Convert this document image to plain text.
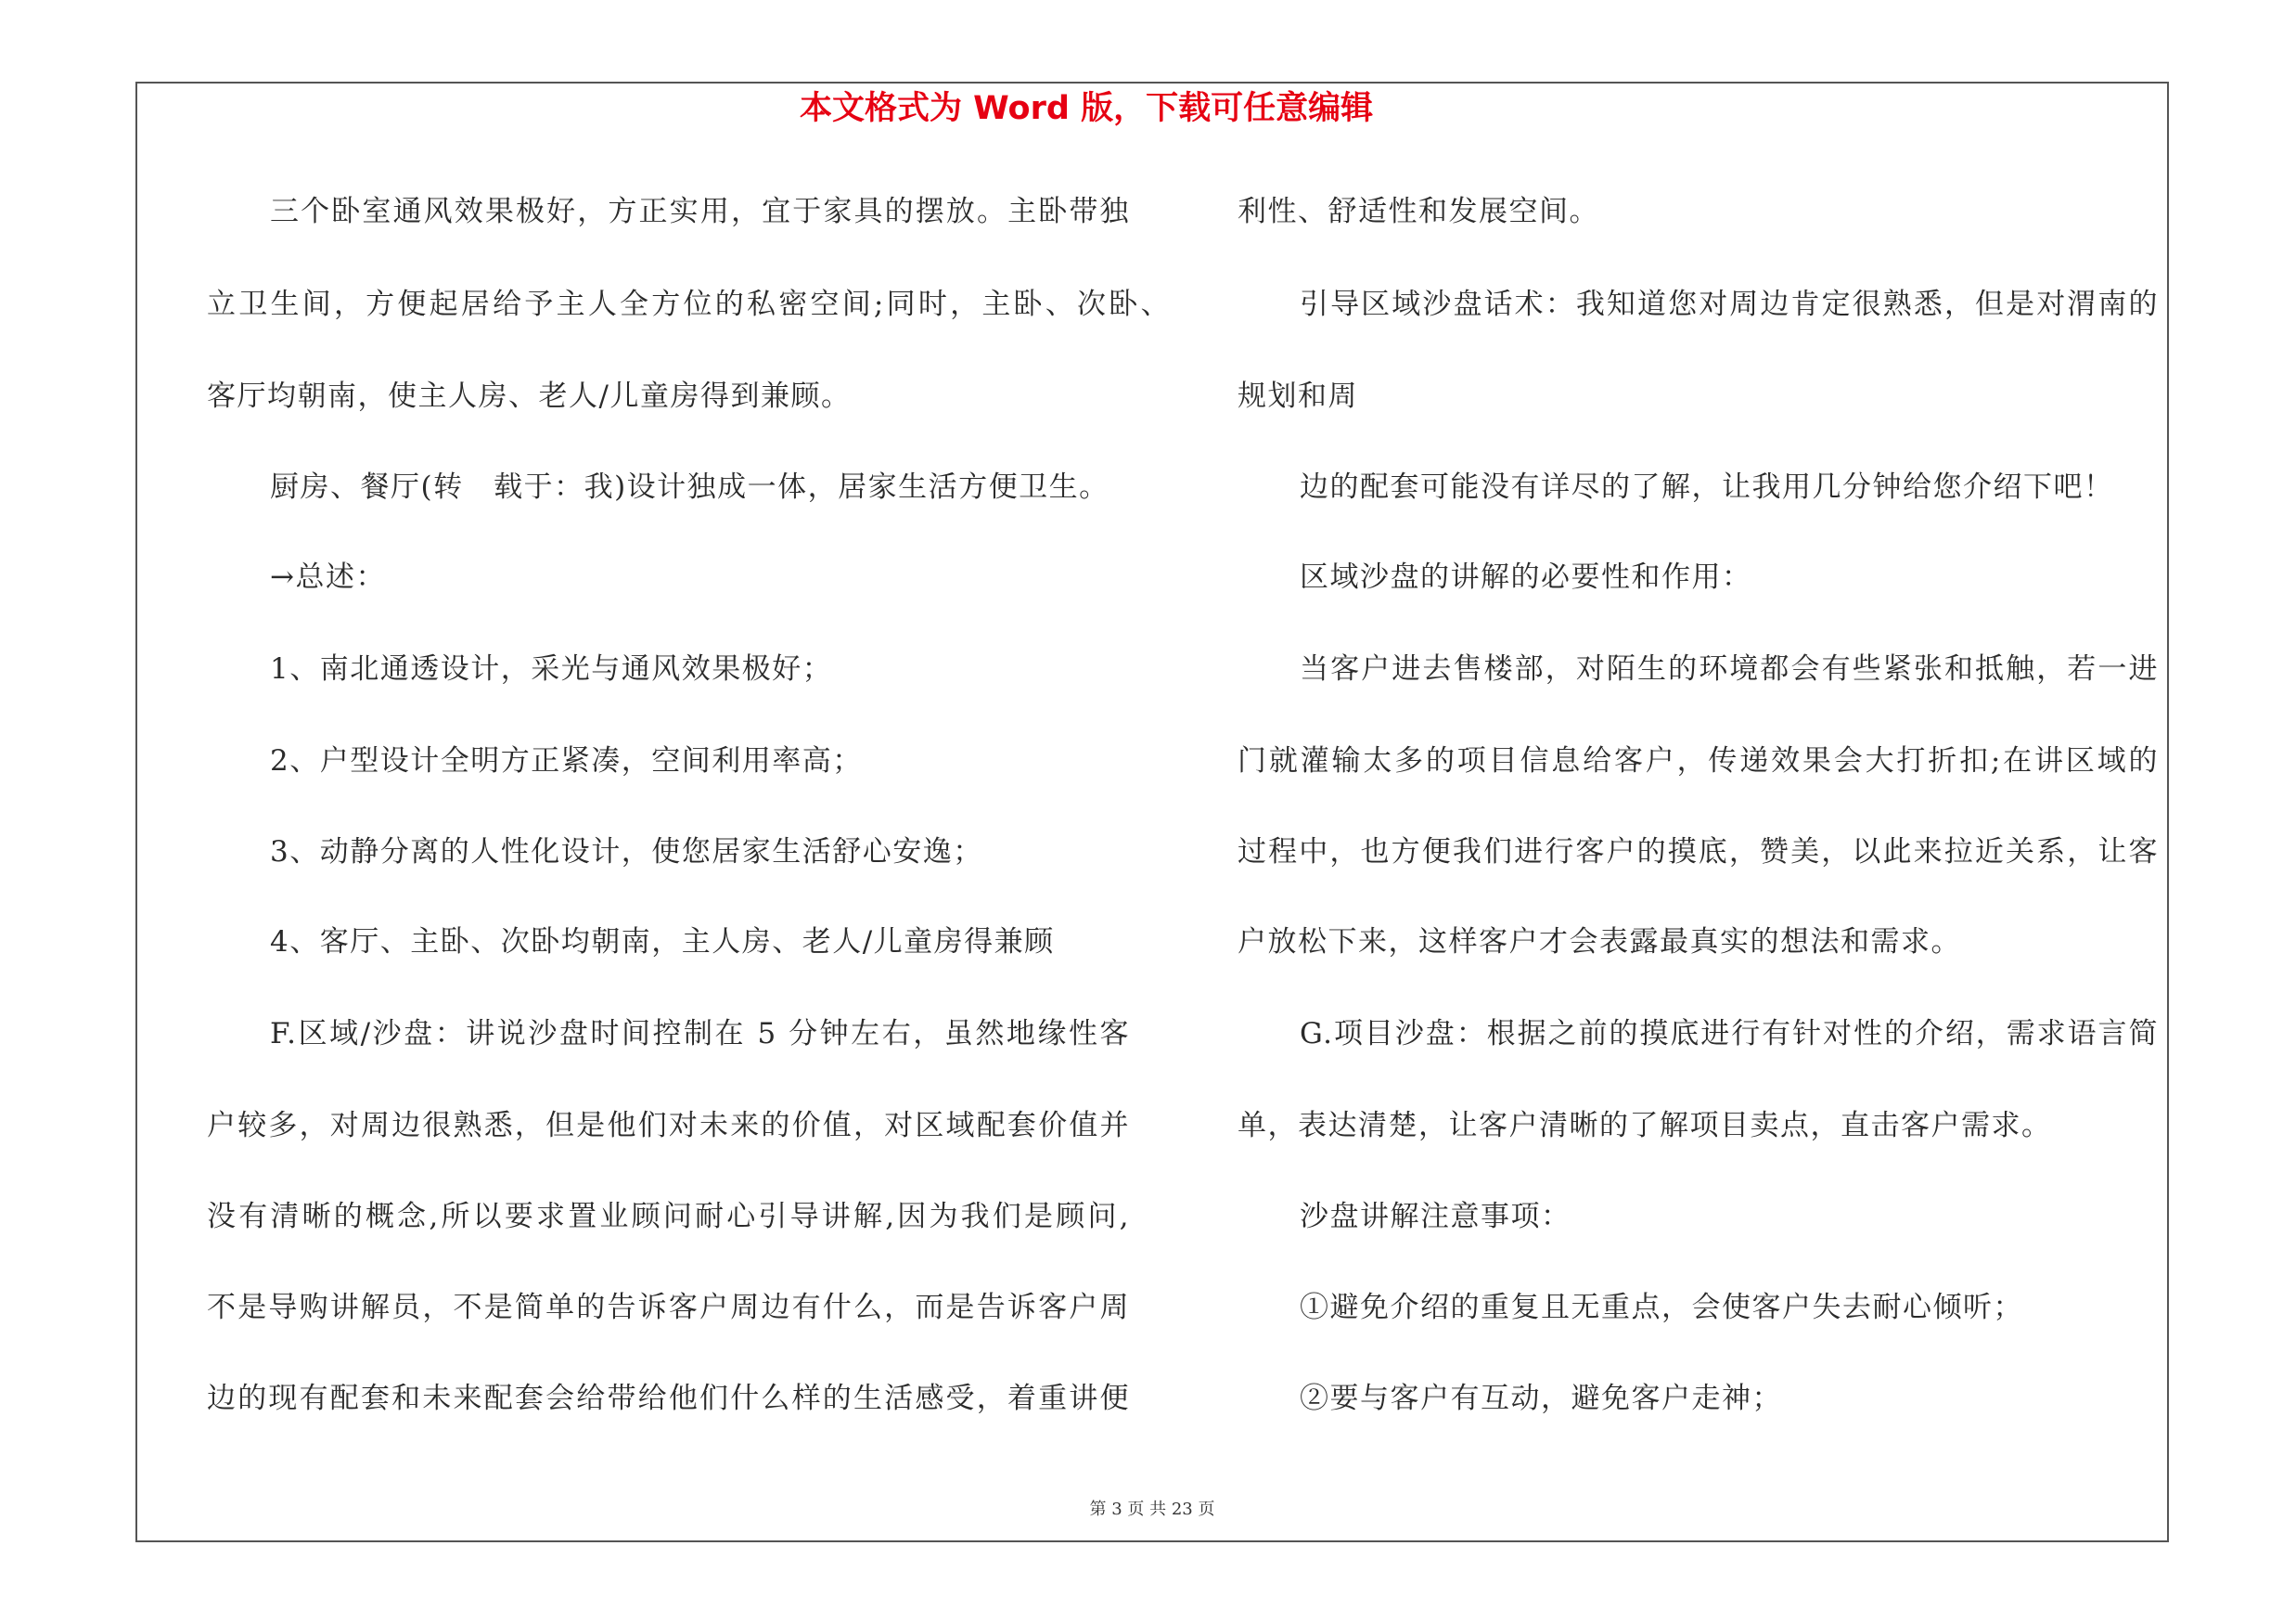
本文格式为 Word 版，下载可任意编辑
三个卧室通风效果极好，方正实用，宜于家具的摆放。主卧带独
立卫生间，方便起居给予主人全方位的私密空间;同时，主卧、次卧、
客厅均朝南，使主人房、老人/儿童房得到兼顾。
厨房、餐厅(转　载于：我)设计独成一体，居家生活方便卫生。
→总述：
1、南北通透设计，采光与通风效果极好；
2、户型设计全明方正紧凑，空间利用率高；
3、动静分离的人性化设计，使您居家生活舒心安逸；
4、客厅、主卧、次卧均朝南，主人房、老人/儿童房得兼顾
F.区域/沙盘：讲说沙盘时间控制在 5 分钟左右，虽然地缘性客
户较多，对周边很熟悉，但是他们对未来的价值，对区域配套价值并
没有清晰的概念,所以要求置业顾问耐心引导讲解,因为我们是顾问,
不是导购讲解员，不是简单的告诉客户周边有什么，而是告诉客户周
边的现有配套和未来配套会给带给他们什么样的生活感受，着重讲便
利性、舒适性和发展空间。
引导区域沙盘话术：我知道您对周边肯定很熟悉，但是对渭南的
规划和周
边的配套可能没有详尽的了解，让我用几分钟给您介绍下吧！
区域沙盘的讲解的必要性和作用：
当客户进去售楼部，对陌生的环境都会有些紧张和抵触，若一进
门就灌输太多的项目信息给客户，传递效果会大打折扣;在讲区域的
过程中，也方便我们进行客户的摸底，赞美，以此来拉近关系，让客
户放松下来，这样客户才会表露最真实的想法和需求。
G.项目沙盘：根据之前的摸底进行有针对性的介绍，需求语言简
单，表达清楚，让客户清晰的了解项目卖点，直击客户需求。
沙盘讲解注意事项：
①避免介绍的重复且无重点，会使客户失去耐心倾听；
②要与客户有互动，避免客户走神；
第 3 页 共 23 页
